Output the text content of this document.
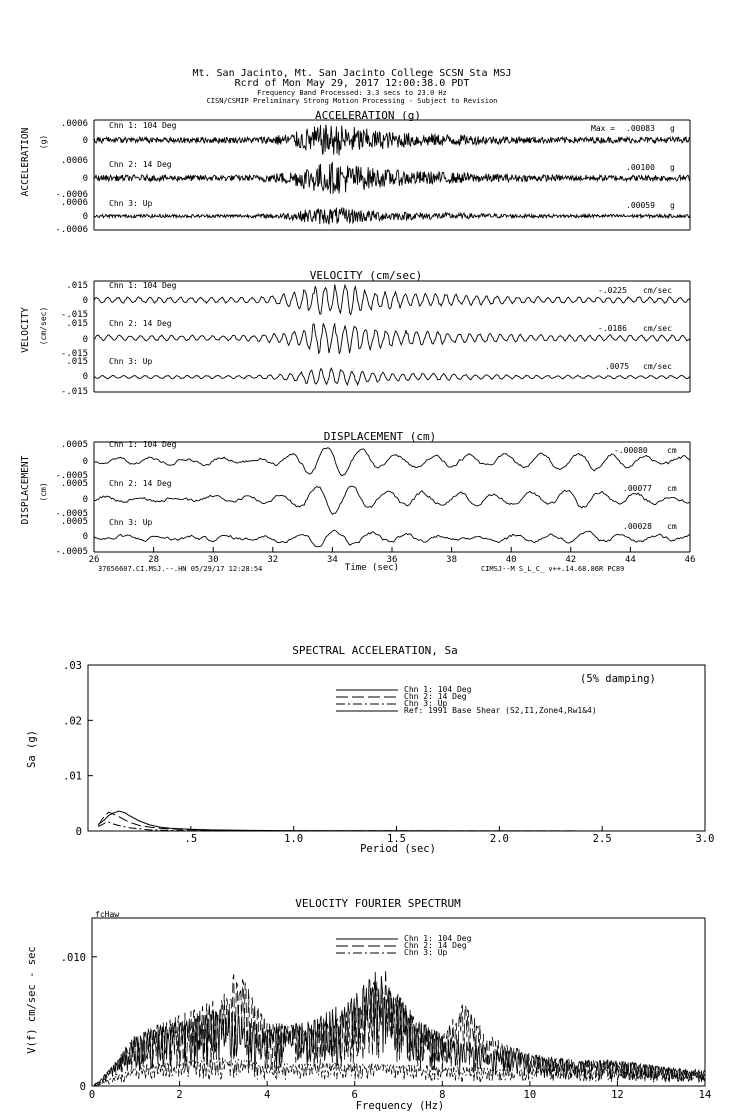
Mt. San Jacinto, Mt. San Jacinto College SCSN Sta MSJ
Rcrd of Mon May 29, 2017 12:00:38.0 PDT
Frequency Band Processed: 3.3 secs to 23.0 Hz
CISN/CSMIP Preliminary Strong Motion Processing - Subject to Revision
ACCELERATION (g)
ACCELERATION (g)
.0006
0
.0006
0
-.0006
.0006
0
-.0006
Chn 1: 104 Deg
Chn 2: 14 Deg
Chn 3: Up
Max = .00083 g
.00100 g
.00059 g
VELOCITY (cm/sec)
VELOCITY (cm/sec)
.015
0
-.015
.015
0
-.015
.015
0
-.015
Chn 1: 104 Deg
Chn 2: 14 Deg
Chn 3: Up
-.0225 cm/sec
-.0186 cm/sec
.0075 cm/sec
DISPLACEMENT (cm)
DISPLACEMENT (cm)
.0005
0
-.0005
.0005
0
-.0005
.0005
0
-.0005
Chn 1: 104 Deg
Chn 2: 14 Deg
Chn 3: Up
-.00080 cm
.00077 cm
.00028 cm
26	28	30	32	34	36	38	40	42	44	46
Time (sec)
37656607.CI.MSJ.--.HN 05/29/17 12:28:54	CIMSJ--M S_L_C_ v++.14.68.86R PC89
SPECTRAL ACCELERATION, Sa
Sa (g)
Period (sec)
(5% damping)
.5	1.0	1.5	2.0	2.5	3.0
0
.01
.02
.03
Chn 1: 104 Deg
Chn 2: 14 Deg
Chn 3: Up
Ref: 1991 Base Shear (S2,I1,Zone4,Rw1&4)
VELOCITY FOURIER SPECTRUM
V(f) cm/sec - sec
Frequency (Hz)
fcHaw
0	2	4	6	8	10	12	14
0
.010
Chn 1: 104 Deg
Chn 2: 14 Deg
Chn 3: Up
